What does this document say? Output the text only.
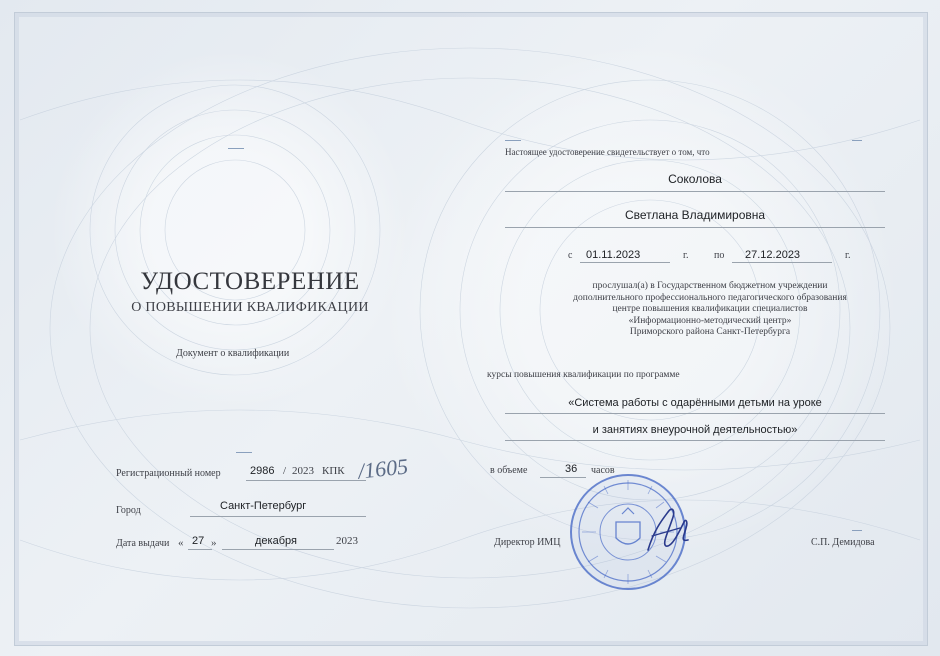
УДОСТОВЕРЕНИЕ
О ПОВЫШЕНИИ КВАЛИФИКАЦИИ
Документ о квалификации
Регистрационный номер	2986 / 2023 КПК /1605
Город	Санкт-Петербург
Дата выдачи « 27 »	декабря	2023
Настоящее удостоверение свидетельствует о том, что
Соколова
Светлана Владимировна
с 01.11.2023	г.	по 27.12.2023	г.
прослушал(а) в Государственном бюджетном учреждении
дополнительного профессионального педагогического образования
центре повышения квалификации специалистов
«Информационно-методический центр»
Приморского района Санкт-Петербурга
курсы повышения квалификации по программе
«Система работы с одарёнными детьми на уроке
и занятиях внеурочной деятельностью»
в объеме	36 часов
Директор ИМЦ	С.П. Демидова
